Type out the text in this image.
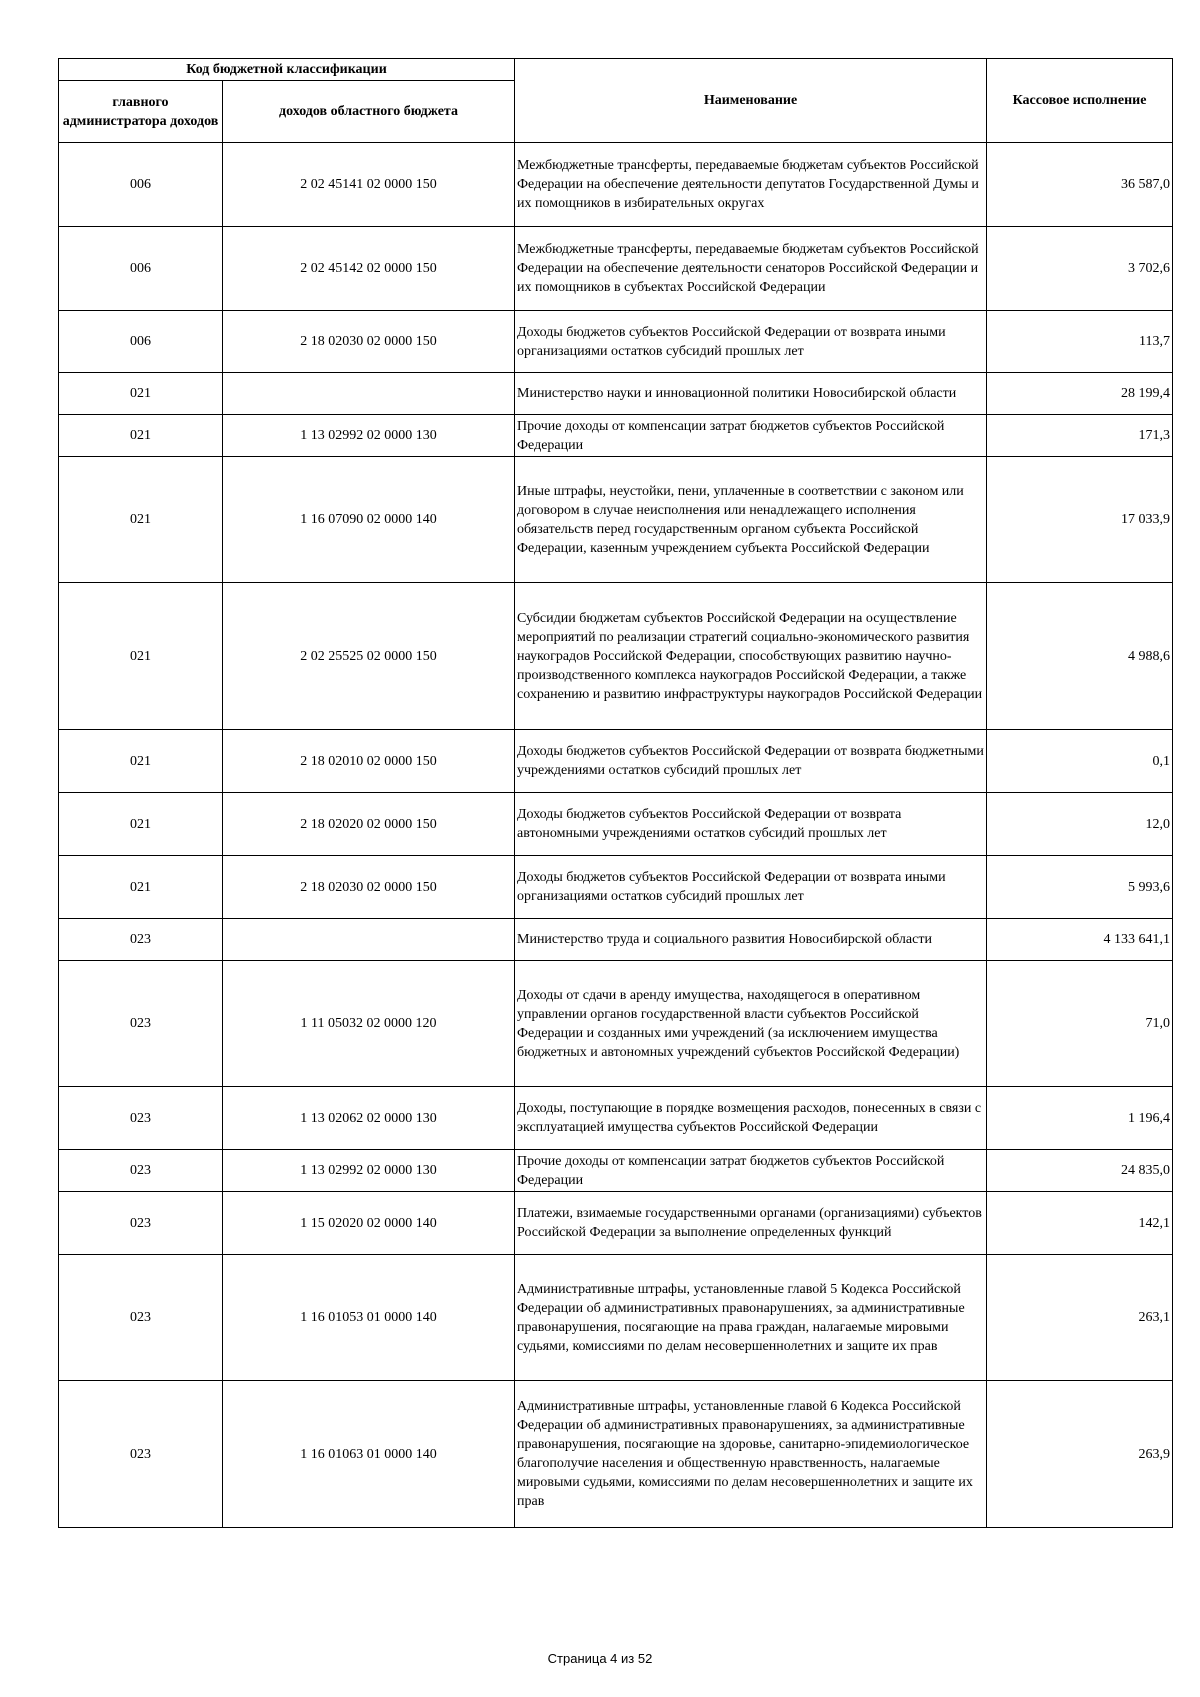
Код бюджетной классификации		Наименование	Кассовое исполнение
главного администратора доходов	доходов областного бюджета		
006	2 02 45141 02 0000 150	Межбюджетные трансферты, передаваемые бюджетам субъектов Российской Федерации на обеспечение деятельности депутатов Государственной Думы и их помощников в избирательных округах	36 587,0
006	2 02 45142 02 0000 150	Межбюджетные трансферты, передаваемые бюджетам субъектов Российской Федерации на обеспечение деятельности сенаторов Российской Федерации и их помощников в субъектах Российской Федерации	3 702,6
006	2 18 02030 02 0000 150	Доходы бюджетов субъектов Российской Федерации от возврата иными организациями остатков субсидий прошлых лет	113,7
021		Министерство науки и инновационной политики Новосибирской области	28 199,4
021	1 13 02992 02 0000 130	Прочие доходы от компенсации затрат бюджетов субъектов Российской Федерации	171,3
021	1 16 07090 02 0000 140	Иные штрафы, неустойки, пени, уплаченные в соответствии с законом или договором в случае неисполнения или ненадлежащего исполнения обязательств перед государственным органом субъекта Российской Федерации, казенным учреждением субъекта Российской Федерации	17 033,9
021	2 02 25525 02 0000 150	Субсидии бюджетам субъектов Российской Федерации на осуществление мероприятий по реализации стратегий социально-экономического развития наукоградов Российской Федерации, способствующих развитию научно-производственного комплекса наукоградов Российской Федерации, а также сохранению и развитию инфраструктуры наукоградов Российской Федерации	4 988,6
021	2 18 02010 02 0000 150	Доходы бюджетов субъектов Российской Федерации от возврата бюджетными учреждениями остатков субсидий прошлых лет	0,1
021	2 18 02020 02 0000 150	Доходы бюджетов субъектов Российской Федерации от возврата автономными учреждениями остатков субсидий прошлых лет	12,0
021	2 18 02030 02 0000 150	Доходы бюджетов субъектов Российской Федерации от возврата иными организациями остатков субсидий прошлых лет	5 993,6
023		Министерство труда и социального развития Новосибирской области	4 133 641,1
023	1 11 05032 02 0000 120	Доходы от сдачи в аренду имущества, находящегося в оперативном управлении органов государственной власти субъектов Российской Федерации и созданных ими учреждений (за исключением имущества бюджетных и автономных учреждений субъектов Российской Федерации)	71,0
023	1 13 02062 02 0000 130	Доходы, поступающие в порядке возмещения расходов, понесенных в связи с эксплуатацией имущества субъектов Российской Федерации	1 196,4
023	1 13 02992 02 0000 130	Прочие доходы от компенсации затрат бюджетов субъектов Российской Федерации	24 835,0
023	1 15 02020 02 0000 140	Платежи, взимаемые государственными органами (организациями) субъектов Российской Федерации за выполнение определенных функций	142,1
023	1 16 01053 01 0000 140	Административные штрафы, установленные главой 5 Кодекса Российской Федерации об административных правонарушениях, за административные правонарушения, посягающие на права граждан, налагаемые мировыми судьями, комиссиями по делам несовершеннолетних и защите их прав	263,1
023	1 16 01063 01 0000 140	Административные штрафы, установленные главой 6 Кодекса Российской Федерации об административных правонарушениях, за административные правонарушения, посягающие на здоровье, санитарно-эпидемиологическое благополучие населения и общественную нравственность, налагаемые мировыми судьями, комиссиями по делам несовершеннолетних и защите их прав	263,9
Страница 4 из 52
